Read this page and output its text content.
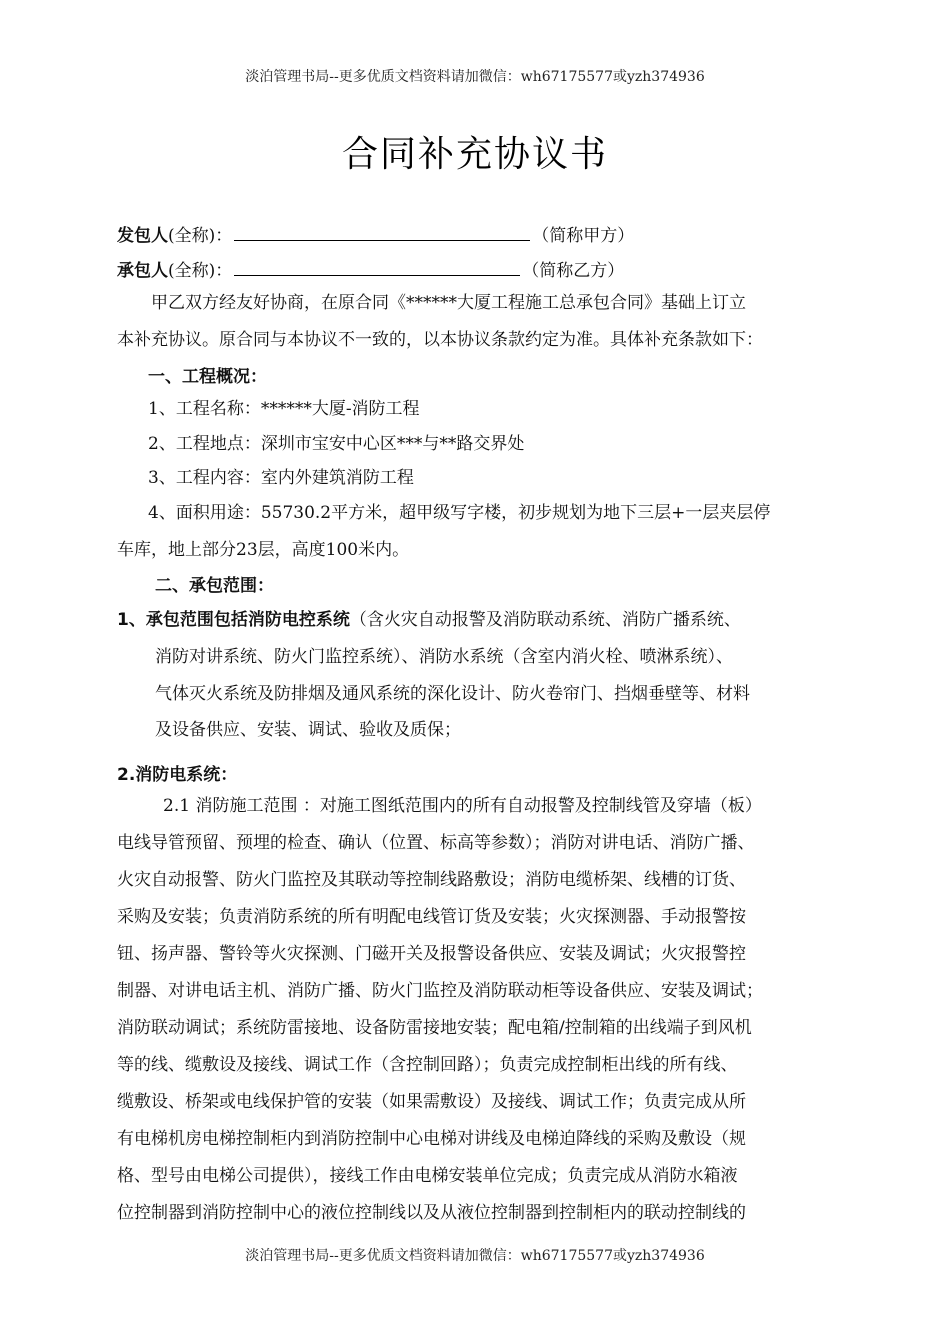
淡泊管理书局--更多优质文档资料请加微信：wh67175577或yzh374936
合同补充协议书
发包人(全称)：	（简称甲方）
承包人(全称)：	（简称乙方）
甲乙双方经友好协商，在原合同《******大厦工程施工总承包合同》基础上订立
本补充协议。原合同与本协议不一致的，以本协议条款约定为准。具体补充条款如下：
一、工程概况：
1、工程名称：******大厦-消防工程
2、工程地点：深圳市宝安中心区***与**路交界处
3、工程内容：室内外建筑消防工程
4、面积用途：55730.2平方米，超甲级写字楼，初步规划为地下三层+一层夹层停
车库，地上部分23层，高度100米内。
二、承包范围：
1、承包范围包括消防电控系统（含火灾自动报警及消防联动系统、消防广播系统、
消防对讲系统、防火门监控系统）、消防水系统（含室内消火栓、喷淋系统）、
气体灭火系统及防排烟及通风系统的深化设计、防火卷帘门、挡烟垂壁等、材料
及设备供应、安装、调试、验收及质保；
2.消防电系统：
2.1 消防施工范围 ：对施工图纸范围内的所有自动报警及控制线管及穿墙（板）
电线导管预留、预埋的检查、确认（位置、标高等参数）；消防对讲电话、消防广播、
火灾自动报警、防火门监控及其联动等控制线路敷设；消防电缆桥架、线槽的订货、
采购及安装；负责消防系统的所有明配电线管订货及安装；火灾探测器、手动报警按
钮、扬声器、警铃等火灾探测、门磁开关及报警设备供应、安装及调试；火灾报警控
制器、对讲电话主机、消防广播、防火门监控及消防联动柜等设备供应、安装及调试；
消防联动调试；系统防雷接地、设备防雷接地安装；配电箱/控制箱的出线端子到风机
等的线、缆敷设及接线、调试工作（含控制回路）；负责完成控制柜出线的所有线、
缆敷设、桥架或电线保护管的安装（如果需敷设）及接线、调试工作；负责完成从所
有电梯机房电梯控制柜内到消防控制中心电梯对讲线及电梯迫降线的采购及敷设（规
格、型号由电梯公司提供），接线工作由电梯安装单位完成；负责完成从消防水箱液
位控制器到消防控制中心的液位控制线以及从液位控制器到控制柜内的联动控制线的
淡泊管理书局--更多优质文档资料请加微信：wh67175577或yzh374936
